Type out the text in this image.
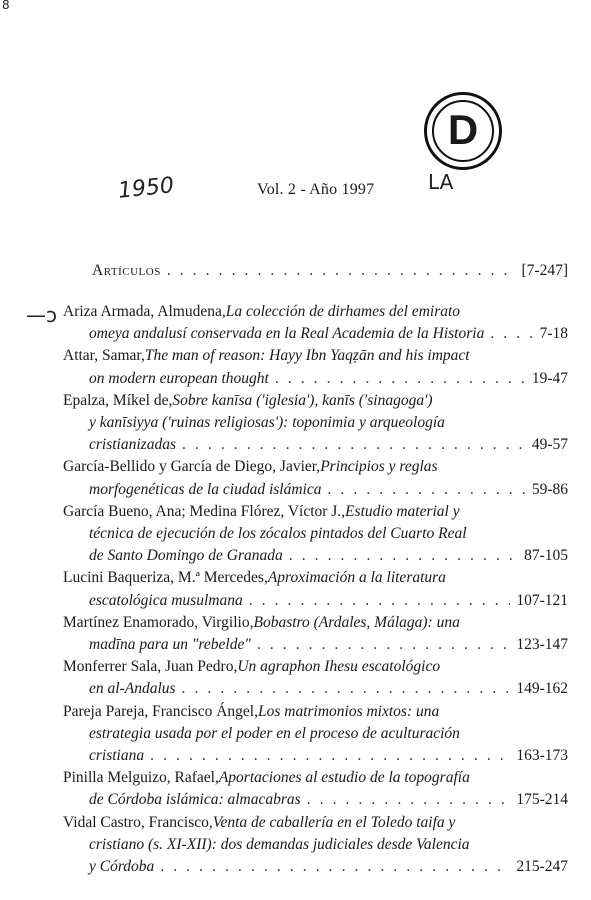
8
D
1950	Vol. 2 - Año 1997	LA
Artículos . . .	[7-247]
—ɔ Ariza Armada, Almudena, La colección de dirhames del emirato
omeya andalusí conservada en la Real Academia de la Historia . . .	7-18
Attar, Samar, The man of reason: Hayy Ibn Yaqẓān and his impact
on modern european thought . . .	19-47
Epalza, Míkel de, Sobre kanīsa ('iglesia'), kanīs ('sinagoga')
y kanīsiyya ('ruinas religiosas'): toponimia y arqueología
cristianizadas . . .	49-57
García-Bellido y García de Diego, Javier, Principios y reglas
morfogenéticas de la ciudad islámica . . .	59-86
García Bueno, Ana; Medina Flórez, Víctor J., Estudio material y
técnica de ejecución de los zócalos pintados del Cuarto Real
de Santo Domingo de Granada . . .	87-105
Lucini Baqueriza, M.ª Mercedes, Aproximación a la literatura
escatológica musulmana . . .	107-121
Martínez Enamorado, Virgilio, Bobastro (Ardales, Málaga): una
madīna para un "rebelde" . . .	123-147
Monferrer Sala, Juan Pedro, Un agraphon Ihesu escatológico
en al-Andalus . . .	149-162
Pareja Pareja, Francisco Ángel, Los matrimonios mixtos: una
estrategia usada por el poder en el proceso de aculturación
cristiana . . .	163-173
Pinilla Melguizo, Rafael, Aportaciones al estudio de la topografía
de Córdoba islámica: almacabras . . .	175-214
Vidal Castro, Francisco, Venta de caballería en el Toledo taifa y
cristiano (s. XI-XII): dos demandas judiciales desde Valencia
y Córdoba . . .	215-247
